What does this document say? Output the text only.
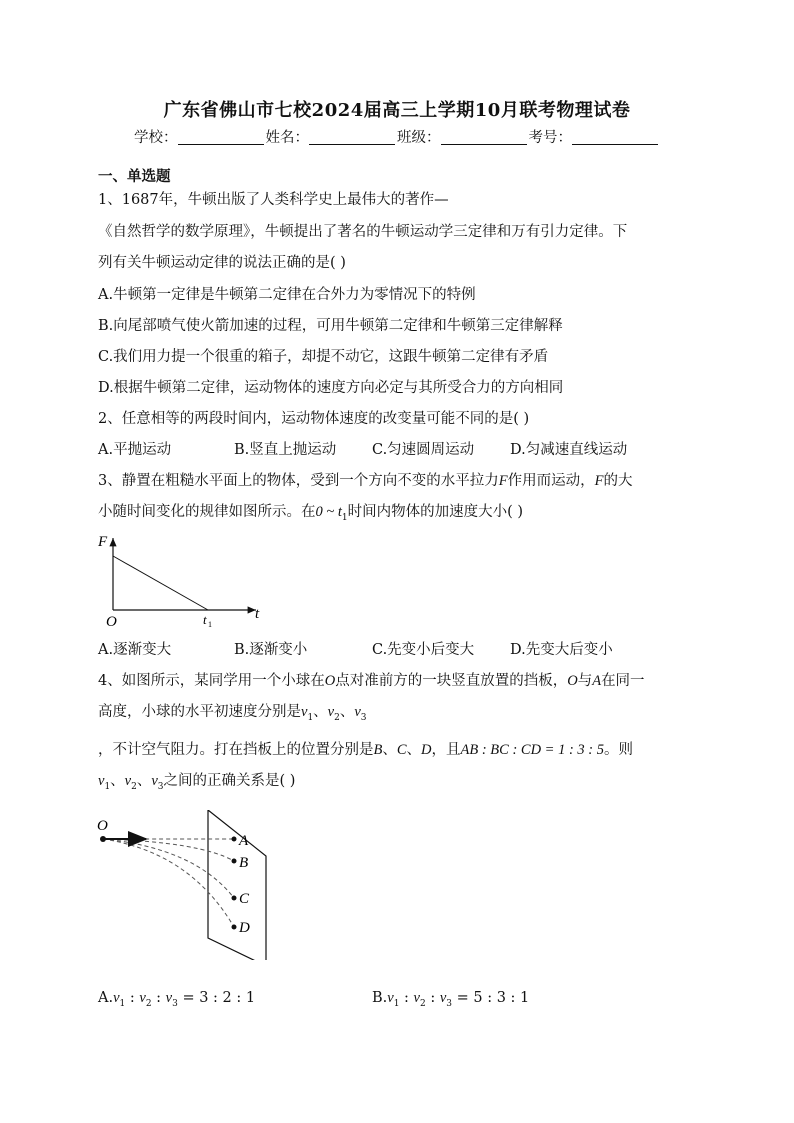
广东省佛山市七校2024届高三上学期10月联考物理试卷
学校：	姓名：	班级：	考号：
一、单选题
1、1687年，牛顿出版了人类科学史上最伟大的著作—
《自然哲学的数学原理》，牛顿提出了著名的牛顿运动学三定律和万有引力定律。下
列有关牛顿运动定律的说法正确的是( )
A.牛顿第一定律是牛顿第二定律在合外力为零情况下的特例
B.向尾部喷气使火箭加速的过程，可用牛顿第二定律和牛顿第三定律解释
C.我们用力提一个很重的箱子，却提不动它，这跟牛顿第二定律有矛盾
D.根据牛顿第二定律，运动物体的速度方向必定与其所受合力的方向相同
2、任意相等的两段时间内，运动物体速度的改变量可能不同的是( )
A.平抛运动	B.竖直上抛运动 C.匀速圆周运动 D.匀减速直线运动
3、静置在粗糙水平面上的物体，受到一个方向不变的水平拉力F作用而运动，F的大
小随时间变化的规律如图所示。在0 ~ $t_1$时间内物体的加速度大小( )
F
t
O	t 1
A.逐渐变大	B.逐渐变小	C.先变小后变大 D.先变大后变小
4、如图所示，某同学用一个小球在O点对准前方的一块竖直放置的挡板，O与A在同一
高度，小球的水平初速度分别是$v_1$、$v_2$、$v_3$
，不计空气阻力。打在挡板上的位置分别是B、C、D，且AB : BC : CD = 1 : 3 : 5。则
$v_1$、$v_2$、$v_3$之间的正确关系是( )
O
A
B
C
D
$A.v_1$ : $v_2$ : $v_3 = 3$ : 2 : 1	$B.v_1$ : $v_2$ : $v_3 = 5$ : 3 : 1
